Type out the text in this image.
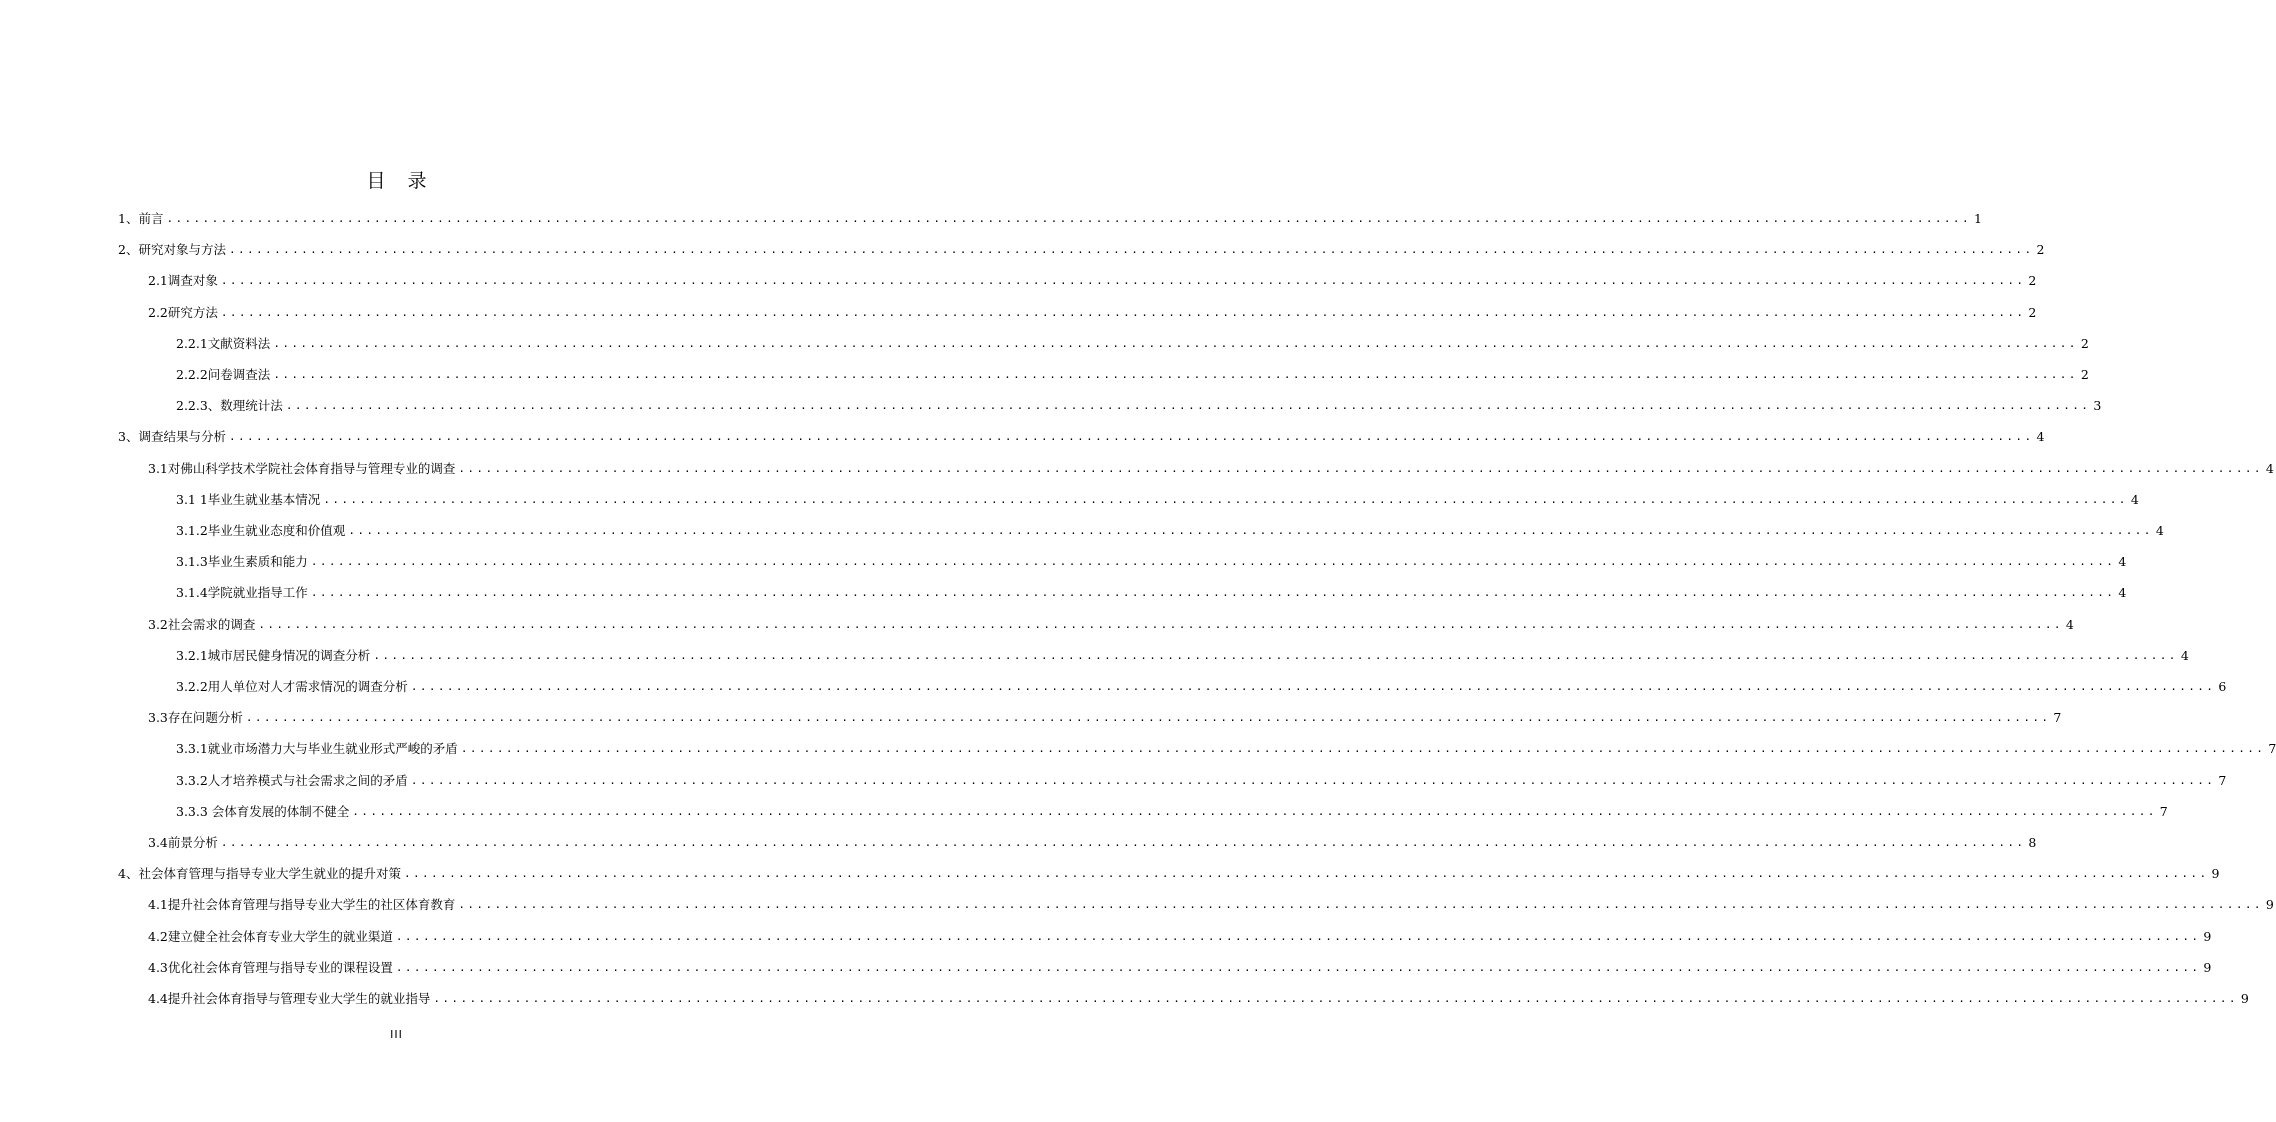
目 录
1、前言 ........................................................................................................................................................................................................ 1
2、研究对象与方法 ........................................................................................................................................................................................................ 2
2.1调查对象 ........................................................................................................................................................................................................ 2
2.2研究方法 ........................................................................................................................................................................................................ 2
2.2.1文献资料法 ........................................................................................................................................................................................................ 2
2.2.2问卷调查法 ........................................................................................................................................................................................................ 2
2.2.3、数理统计法 ........................................................................................................................................................................................................ 3
3、调查结果与分析 ........................................................................................................................................................................................................ 4
3.1对佛山科学技术学院社会体育指导与管理专业的调查 ........................................................................................................................................................................................................ 4
3.1 1毕业生就业基本情况 ........................................................................................................................................................................................................ 4
3.1.2毕业生就业态度和价值观 ........................................................................................................................................................................................................ 4
3.1.3毕业生素质和能力 ........................................................................................................................................................................................................ 4
3.1.4学院就业指导工作 ........................................................................................................................................................................................................ 4
3.2社会需求的调查 ........................................................................................................................................................................................................ 4
3.2.1城市居民健身情况的调查分析 ........................................................................................................................................................................................................ 4
3.2.2用人单位对人才需求情况的调查分析 ........................................................................................................................................................................................................ 6
3.3存在问题分析 ........................................................................................................................................................................................................ 7
3.3.1就业市场潜力大与毕业生就业形式严峻的矛盾 ........................................................................................................................................................................................................ 7
3.3.2人才培养模式与社会需求之间的矛盾 ........................................................................................................................................................................................................ 7
3.3.3 会体育发展的体制不健全 ........................................................................................................................................................................................................ 7
3.4前景分析 ........................................................................................................................................................................................................ 8
4、社会体育管理与指导专业大学生就业的提升对策 ........................................................................................................................................................................................................ 9
4.1提升社会体育管理与指导专业大学生的社区体育教育 ........................................................................................................................................................................................................ 9
4.2建立健全社会体育专业大学生的就业渠道 ........................................................................................................................................................................................................ 9
4.3优化社会体育管理与指导专业的课程设置 ........................................................................................................................................................................................................ 9
4.4提升社会体育指导与管理专业大学生的就业指导 ........................................................................................................................................................................................................ 9
III
